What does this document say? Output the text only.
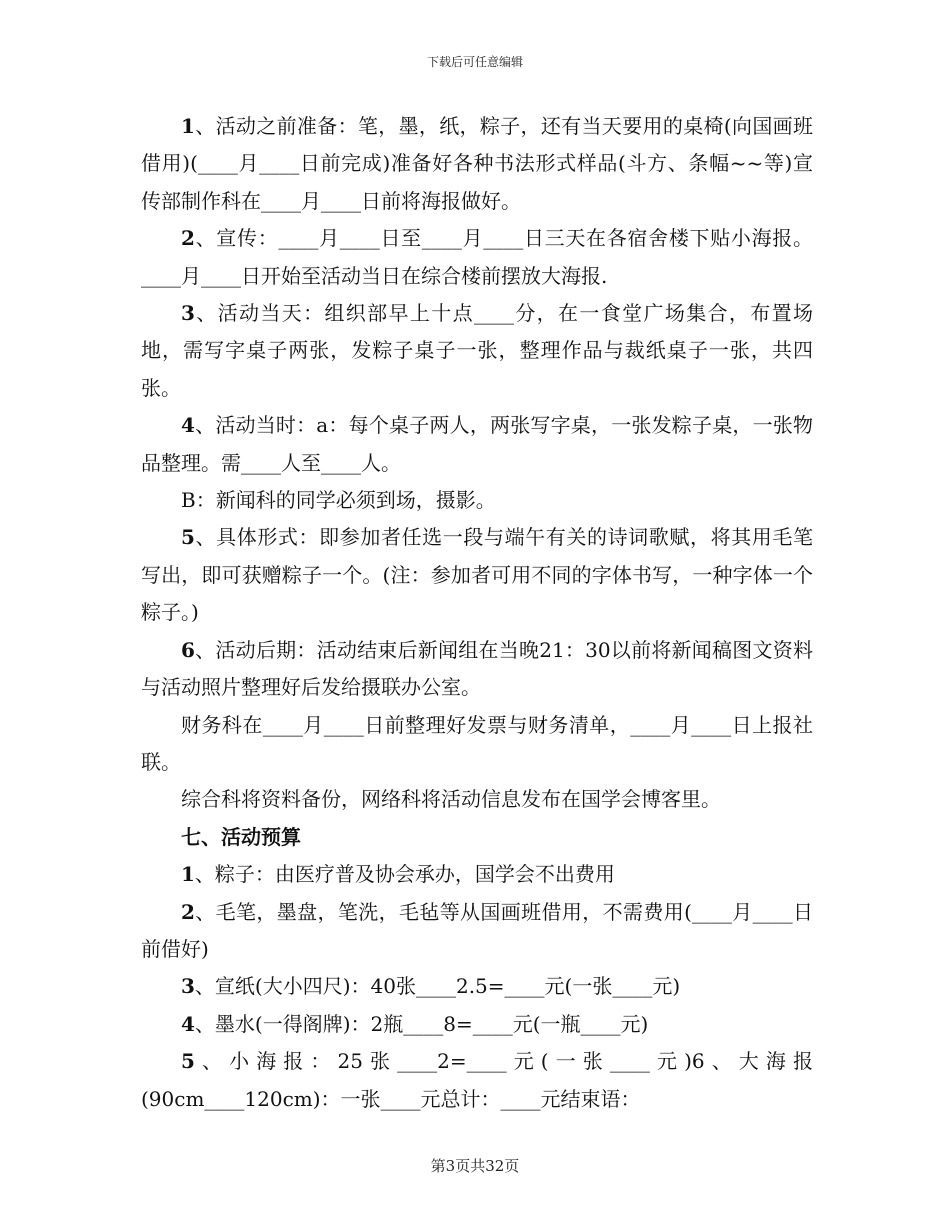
下载后可任意编辑

1、活动之前准备：笔，墨，纸，粽子，还有当天要用的桌椅(向国画班借用)(____月____日前完成)准备好各种书法形式样品(斗方、条幅~~等)宣传部制作科在____月____日前将海报做好。

2、宣传：____月____日至____月____日三天在各宿舍楼下贴小海报。____月____日开始至活动当日在综合楼前摆放大海报.

3、活动当天：组织部早上十点____分，在一食堂广场集合，布置场地，需写字桌子两张，发粽子桌子一张，整理作品与裁纸桌子一张，共四张。

4、活动当时：a：每个桌子两人，两张写字桌，一张发粽子桌，一张物品整理。需____人至____人。

B：新闻科的同学必须到场，摄影。

5、具体形式：即参加者任选一段与端午有关的诗词歌赋，将其用毛笔写出，即可获赠粽子一个。(注：参加者可用不同的字体书写，一种字体一个粽子。)

6、活动后期：活动结束后新闻组在当晚21：30以前将新闻稿图文资料与活动照片整理好后发给摄联办公室。

财务科在____月____日前整理好发票与财务清单，____月____日上报社联。

综合科将资料备份，网络科将活动信息发布在国学会博客里。

七、活动预算

1、粽子：由医疗普及协会承办，国学会不出费用

2、毛笔，墨盘，笔洗，毛毡等从国画班借用，不需费用(____月____日前借好)

3、宣纸(大小四尺)：40张____2.5=____元(一张____元)

4、墨水(一得阁牌)：2瓶____8=____元(一瓶____元)

5、小海报：25张____2=____元(一张____元)6、大海报(90cm____120cm)：一张____元总计：____元结束语：

第3页共32页
